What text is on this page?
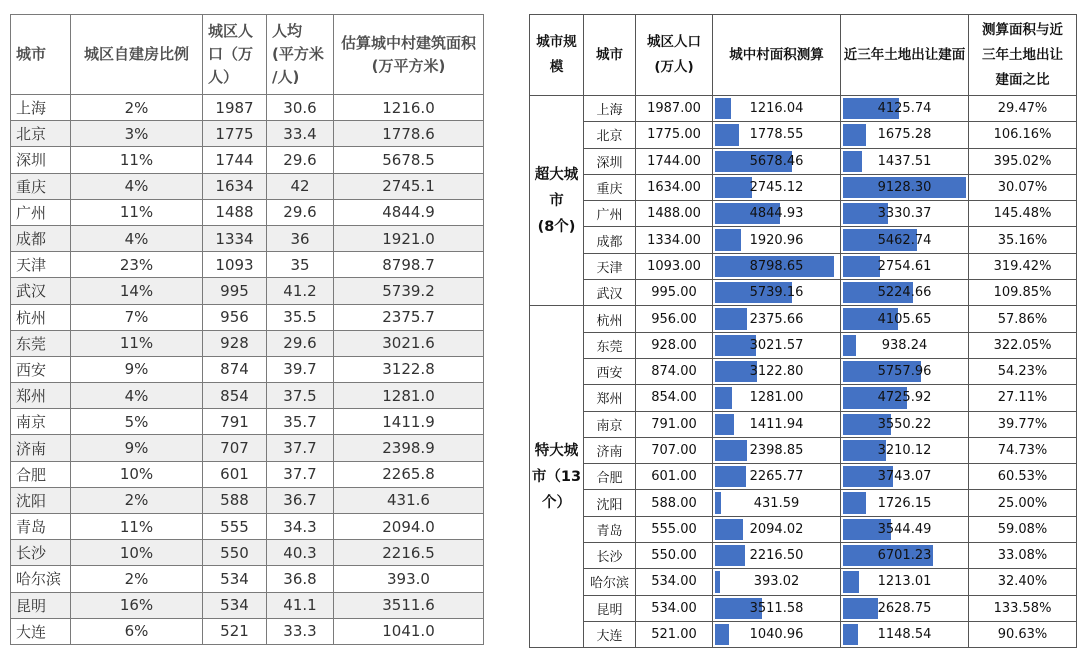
城市	城区自建房比例	城区人
口（万
人）	人均
(平方米
/人)	估算城中村建筑面积
(万平方米)
上海	2%	1987	30.6	1216.0
北京	3%	1775	33.4	1778.6
深圳	11%	1744	29.6	5678.5
重庆	4%	1634	42	2745.1
广州	11%	1488	29.6	4844.9
成都	4%	1334	36	1921.0
天津	23%	1093	35	8798.7
武汉	14%	995	41.2	5739.2
杭州	7%	956	35.5	2375.7
东莞	11%	928	29.6	3021.6
西安	9%	874	39.7	3122.8
郑州	4%	854	37.5	1281.0
南京	5%	791	35.7	1411.9
济南	9%	707	37.7	2398.9
合肥	10%	601	37.7	2265.8
沈阳	2%	588	36.7	431.6
青岛	11%	555	34.3	2094.0
长沙	10%	550	40.3	2216.5
哈尔滨	2%	534	36.8	393.0
昆明	16%	534	41.1	3511.6
大连	6%	521	33.3	1041.0
城市规
模	城市	城区人口
(万人)	城中村面积测算	近三年土地出让建面	测算面积与近
三年土地出让
建面之比
超大城
市
(8个)	上海	1987.00	1216.04	4125.74	29.47%
	北京	1775.00	1778.55	1675.28	106.16%
	深圳	1744.00	5678.46	1437.51	395.02%
	重庆	1634.00	2745.12	9128.30	30.07%
	广州	1488.00	4844.93	3330.37	145.48%
	成都	1334.00	1920.96	5462.74	35.16%
	天津	1093.00	8798.65	2754.61	319.42%
	武汉	995.00	5739.16	5224.66	109.85%
特大城
市（13
个）	杭州	956.00	2375.66	4105.65	57.86%
	东莞	928.00	3021.57	938.24	322.05%
	西安	874.00	3122.80	5757.96	54.23%
	郑州	854.00	1281.00	4725.92	27.11%
	南京	791.00	1411.94	3550.22	39.77%
	济南	707.00	2398.85	3210.12	74.73%
	合肥	601.00	2265.77	3743.07	60.53%
	沈阳	588.00	431.59	1726.15	25.00%
	青岛	555.00	2094.02	3544.49	59.08%
	长沙	550.00	2216.50	6701.23	33.08%
	哈尔滨	534.00	393.02	1213.01	32.40%
	昆明	534.00	3511.58	2628.75	133.58%
	大连	521.00	1040.96	1148.54	90.63%
